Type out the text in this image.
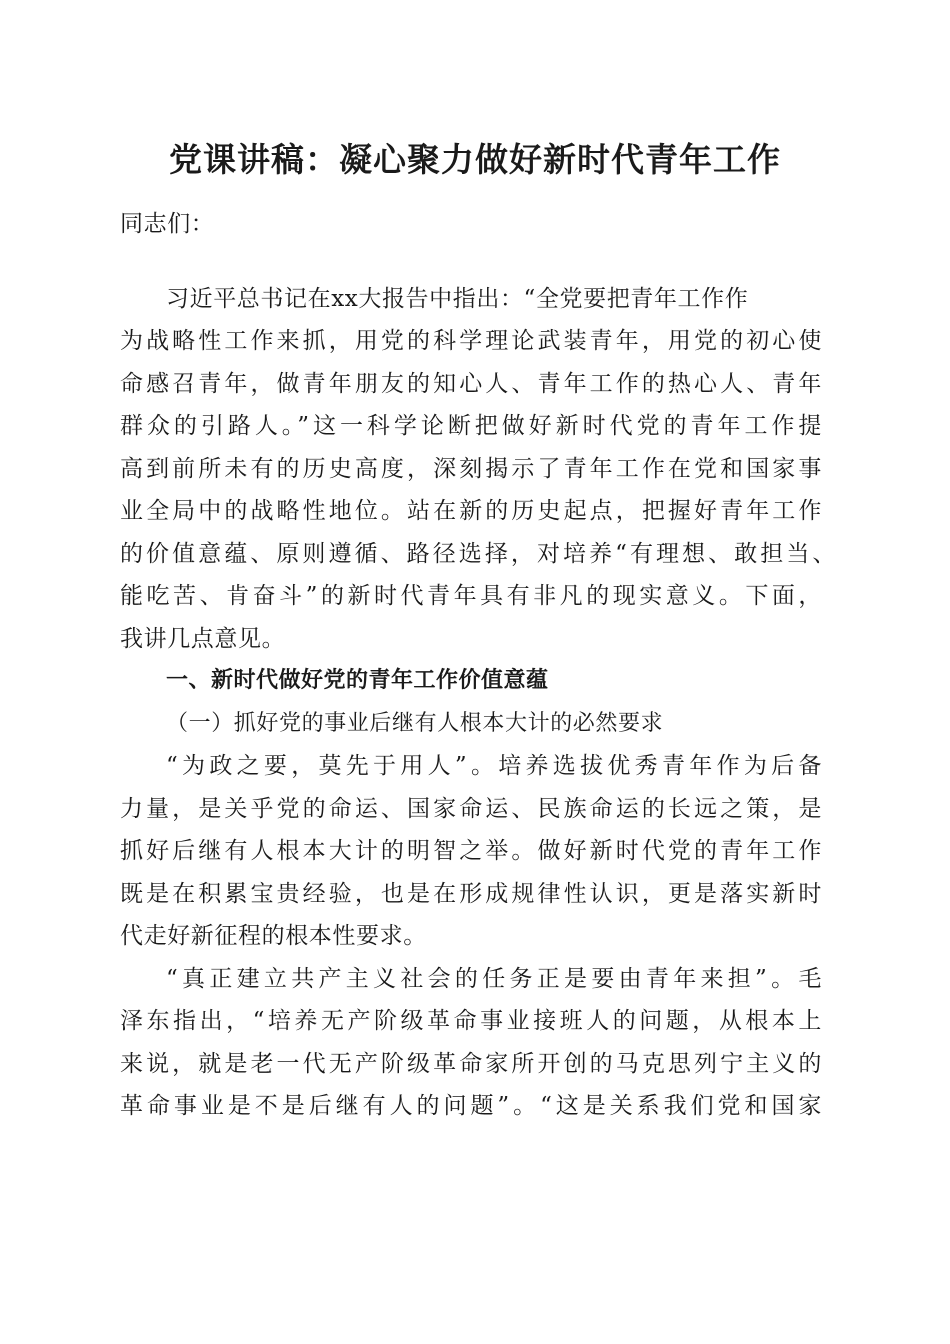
党课讲稿：凝心聚力做好新时代青年工作
同志们：
习近平总书记在xx大报告中指出：“全党要把青年工作作
为战略性工作来抓，用党的科学理论武装青年，用党的初心使
命感召青年，做青年朋友的知心人、青年工作的热心人、青年
群众的引路人。”这一科学论断把做好新时代党的青年工作提
高到前所未有的历史高度，深刻揭示了青年工作在党和国家事
业全局中的战略性地位。站在新的历史起点，把握好青年工作
的价值意蕴、原则遵循、路径选择，对培养“有理想、敢担当、
能吃苦、肯奋斗”的新时代青年具有非凡的现实意义。下面，
我讲几点意见。
一、新时代做好党的青年工作价值意蕴
（一）抓好党的事业后继有人根本大计的必然要求
“为政之要，莫先于用人”。培养选拔优秀青年作为后备
力量，是关乎党的命运、国家命运、民族命运的长远之策，是
抓好后继有人根本大计的明智之举。做好新时代党的青年工作
既是在积累宝贵经验，也是在形成规律性认识，更是落实新时
代走好新征程的根本性要求。
“真正建立共产主义社会的任务正是要由青年来担”。毛
泽东指出，“培养无产阶级革命事业接班人的问题，从根本上
来说，就是老一代无产阶级革命家所开创的马克思列宁主义的
革命事业是不是后继有人的问题”。“这是关系我们党和国家
